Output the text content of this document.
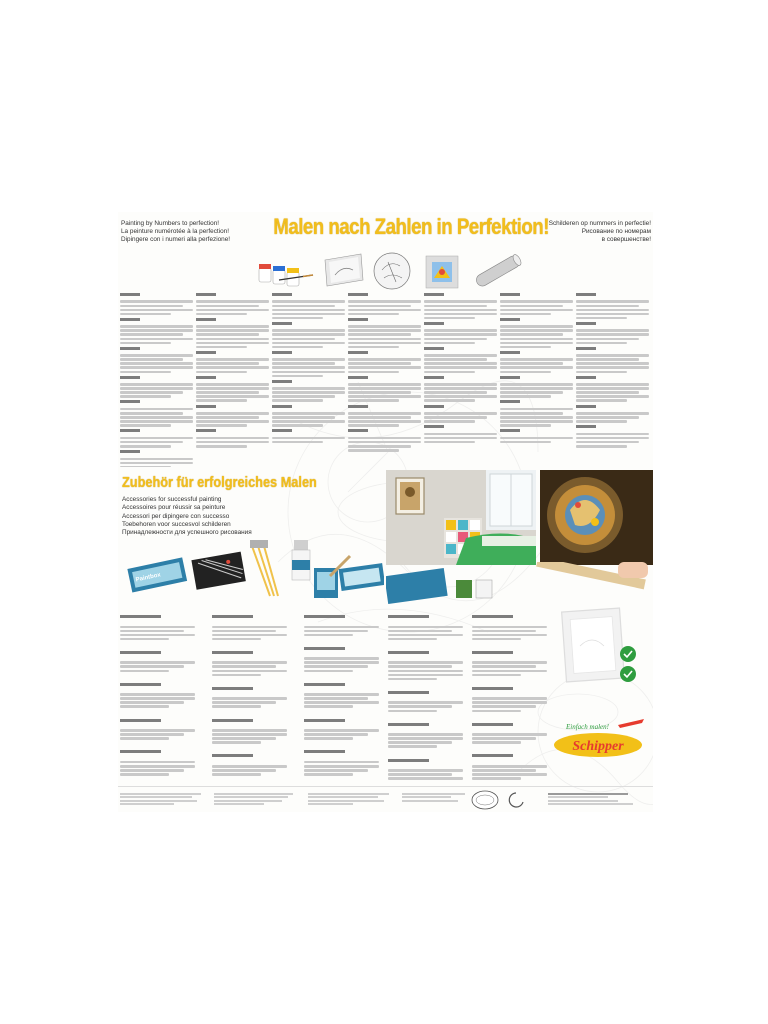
Painting by Numbers to perfection!
La peinture numérotée à la perfection!
Dipingere con i numeri alla perfezione!
Malen nach Zahlen in Perfektion! Schilderen op nummers in perfectie!
Рисование по номерам
в совершенстве!
Zubehör für erfolgreiches Malen
Accessories for successful painting
Accessoires pour réussir sa peinture
Accessori per dipingere con successo
Toebehoren voor succesvol schilderen
Принадлежности для успешного рисования
Paintbox
Einfach malen!
Schipper
